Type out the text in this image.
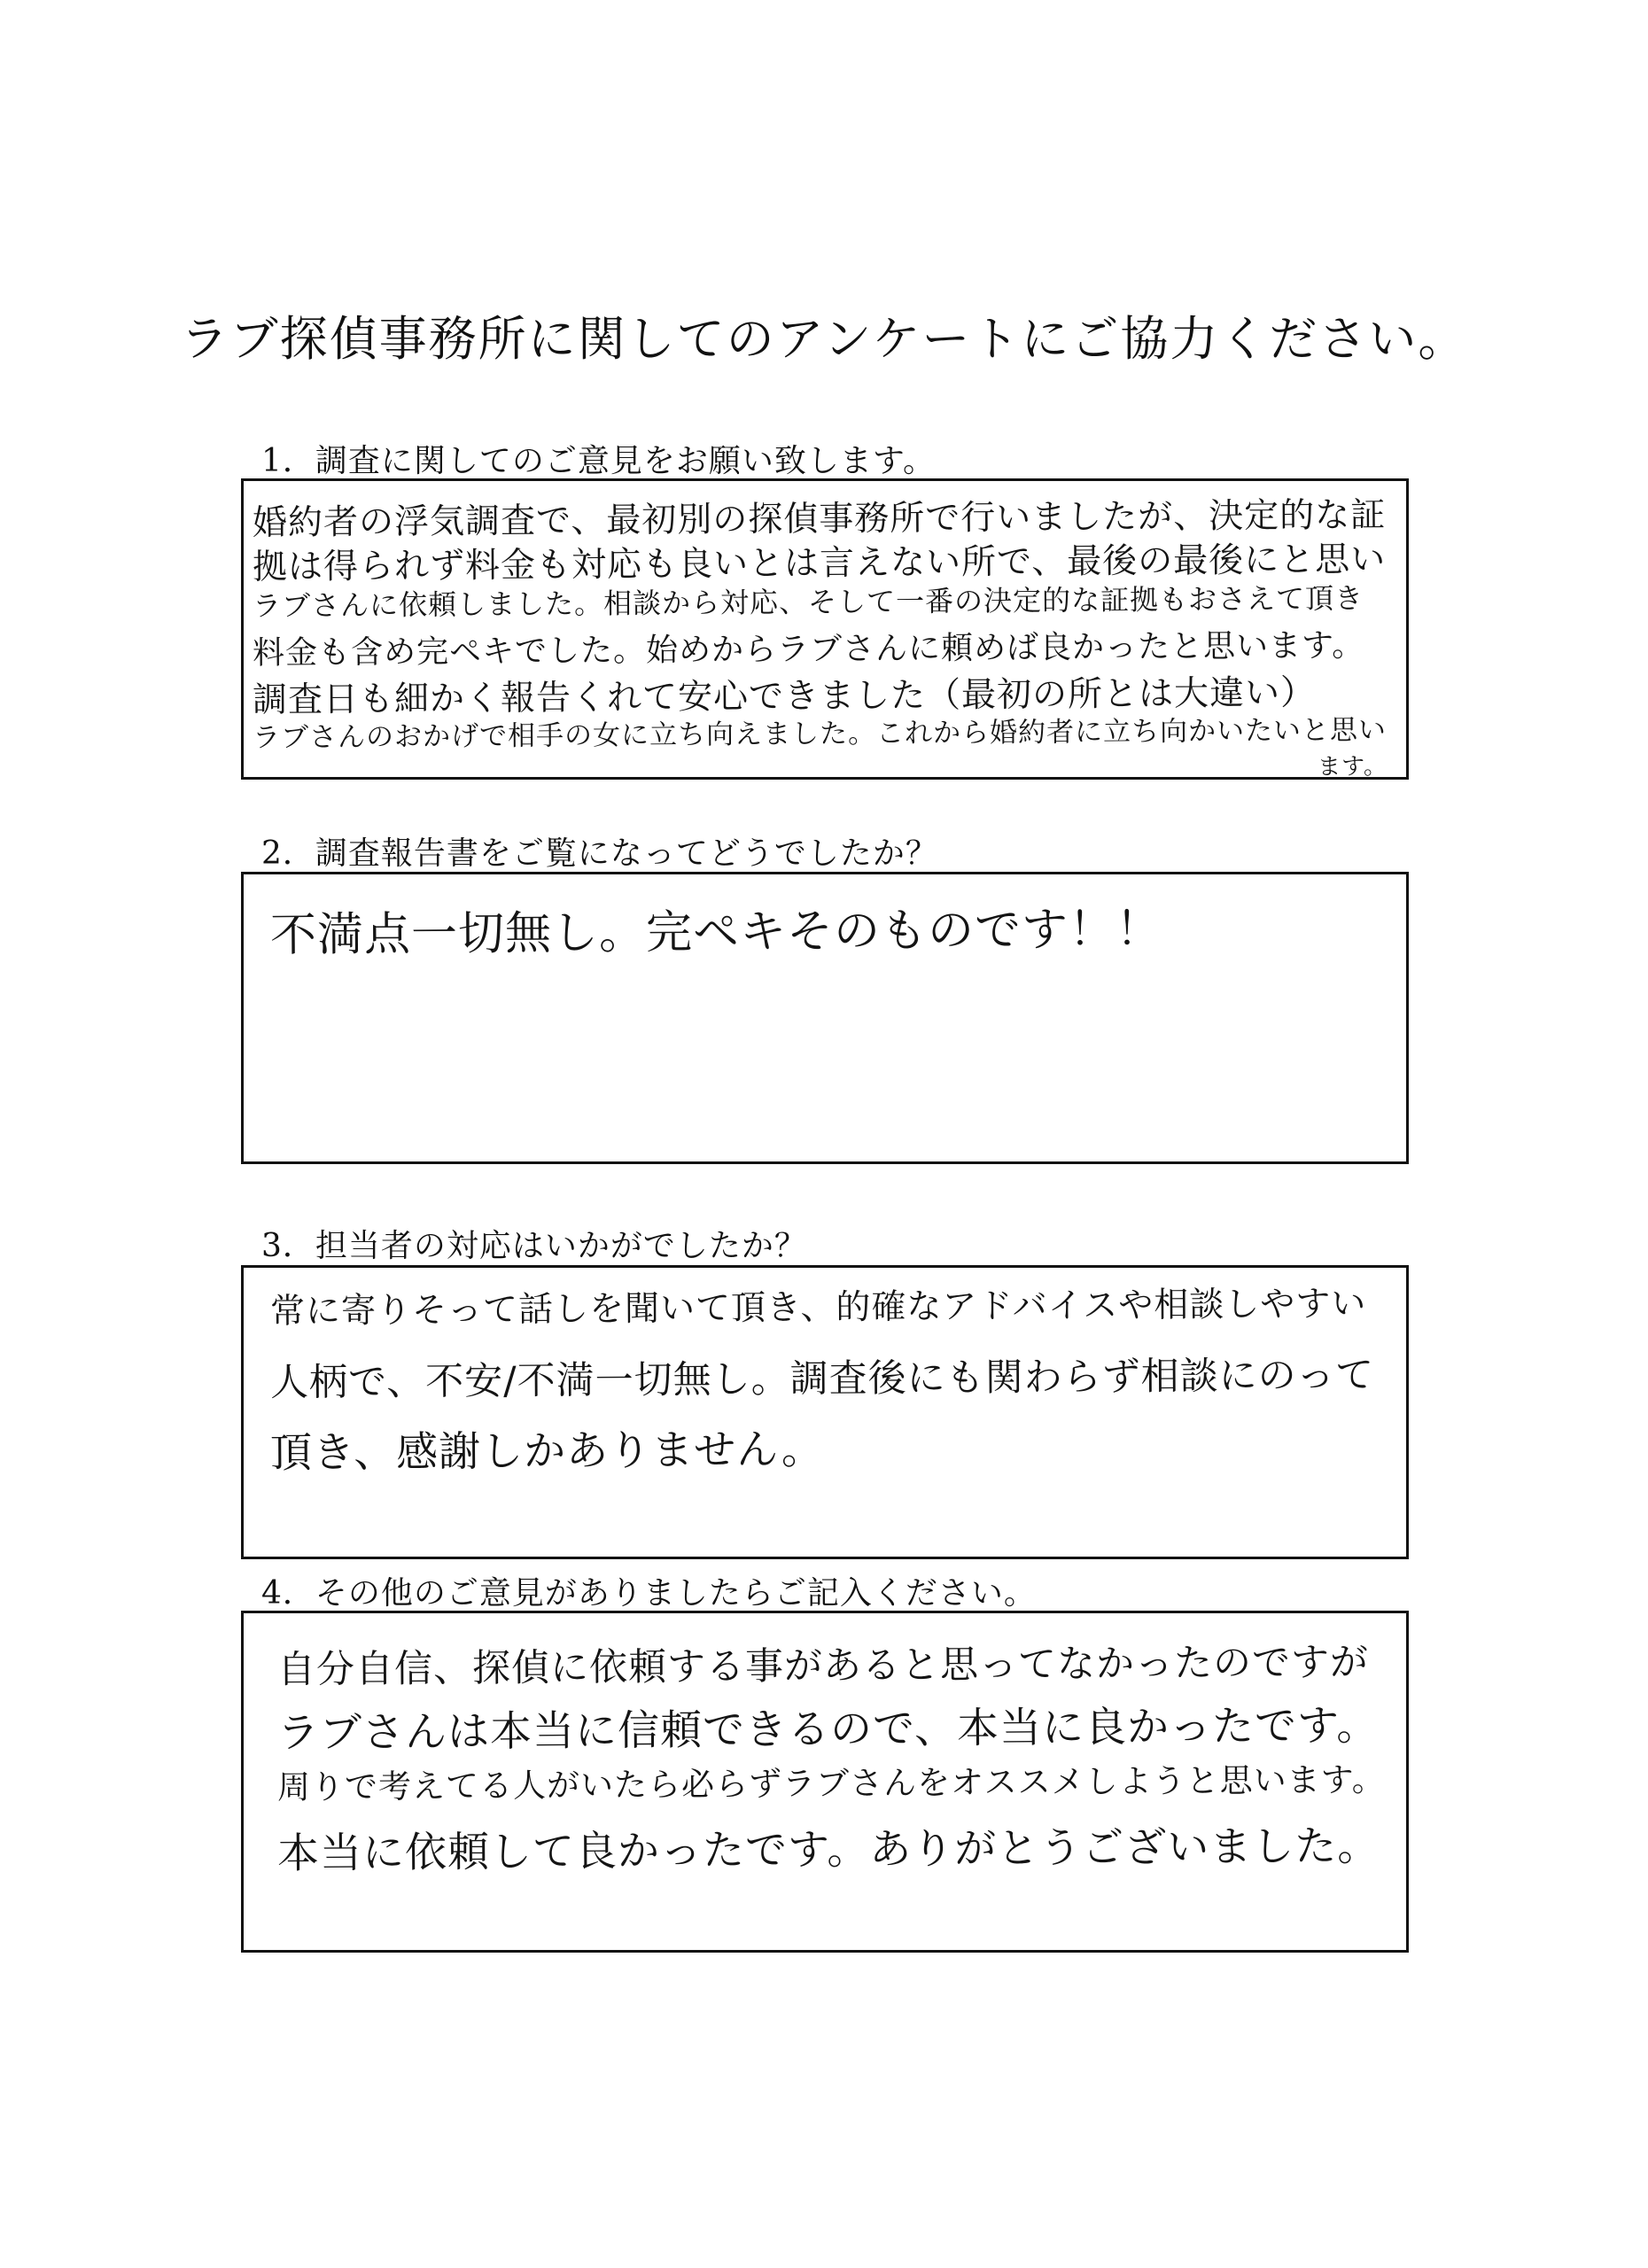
ラブ探偵事務所に関してのアンケートにご協力ください。
1．調査に関してのご意見をお願い致します。
婚約者の浮気調査で、最初別の探偵事務所で行いましたが、決定的な証
拠は得られず料金も対応も良いとは言えない所で、最後の最後にと思い
ラブさんに依頼しました。相談から対応、そして一番の決定的な証拠もおさえて頂き
料金も含め完ペキでした。始めからラブさんに頼めば良かったと思います。
調査日も細かく報告くれて安心できました（最初の所とは大違い）
ラブさんのおかげで相手の女に立ち向えました。これから婚約者に立ち向かいたいと思い
ます。
2．調査報告書をご覧になってどうでしたか？
不満点一切無し。完ペキそのものです！！
3．担当者の対応はいかがでしたか？
常に寄りそって話しを聞いて頂き、的確なアドバイスや相談しやすい
人柄で、不安/不満一切無し。調査後にも関わらず相談にのって
頂き、感謝しかありません。
4．その他のご意見がありましたらご記入ください。
自分自信、探偵に依頼する事があると思ってなかったのですが
ラブさんは本当に信頼できるので、本当に良かったです。
周りで考えてる人がいたら必らずラブさんをオススメしようと思います。
本当に依頼して良かったです。ありがとうございました。
